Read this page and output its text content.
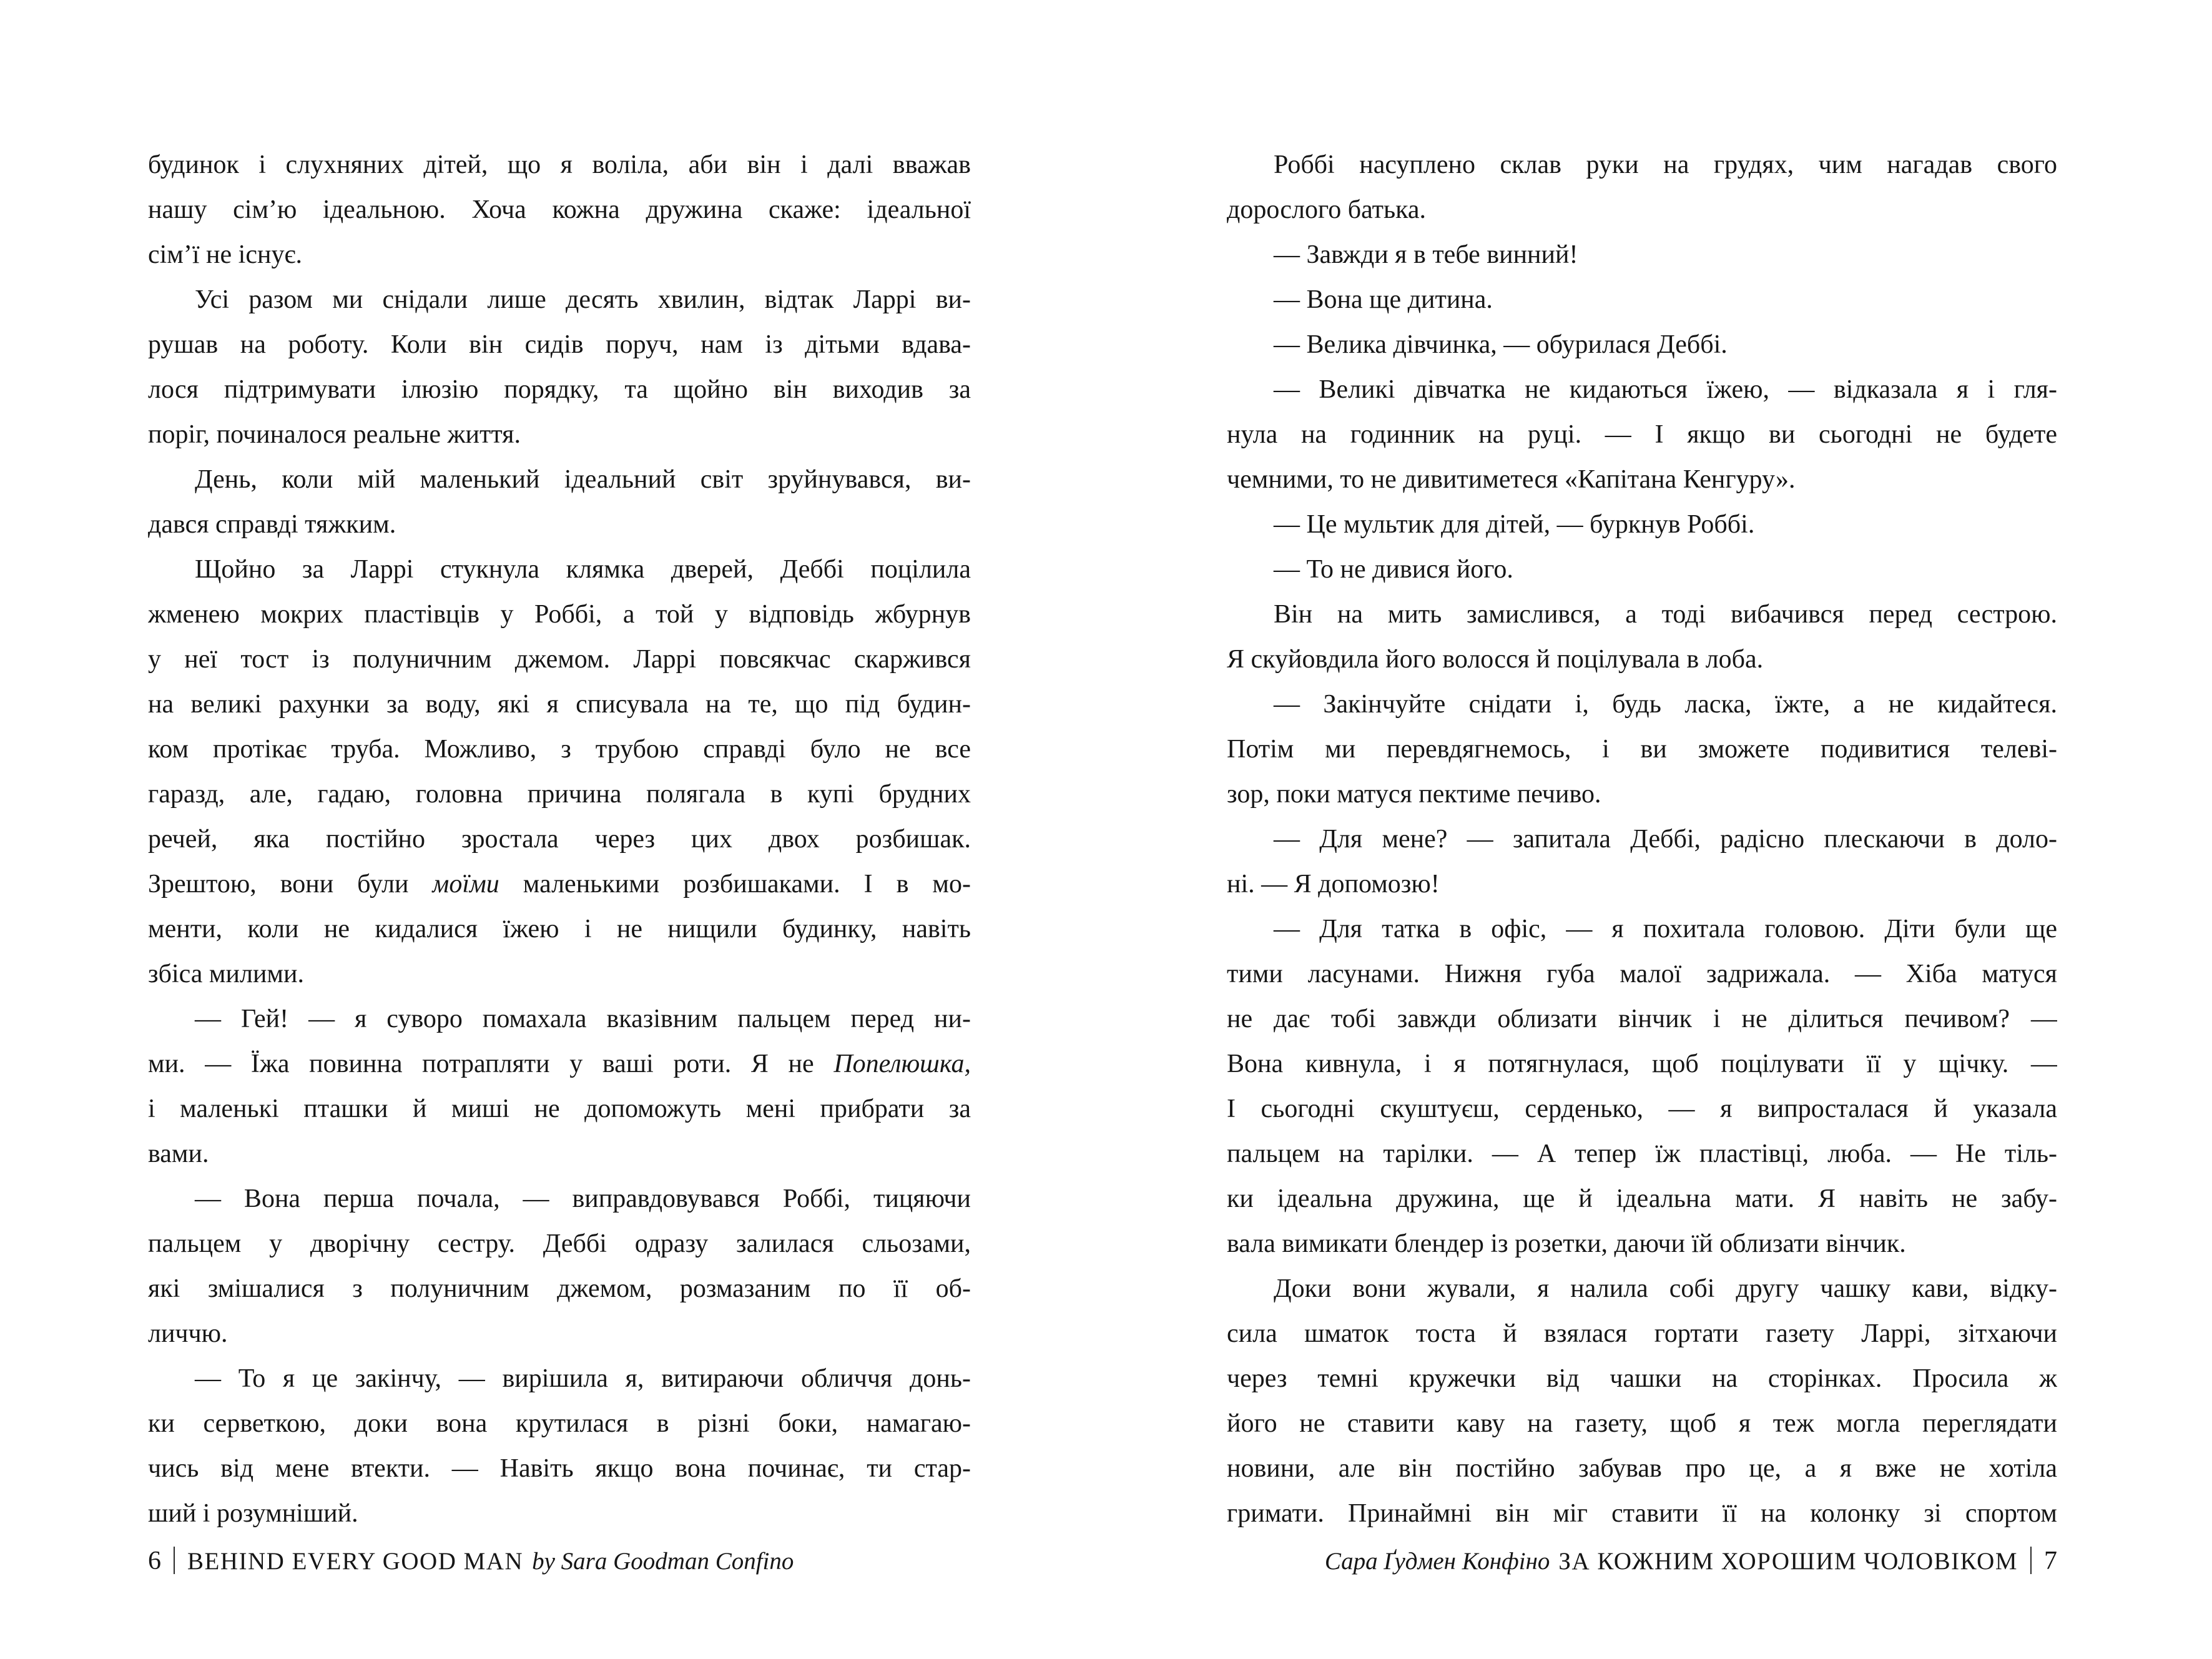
будинок і слухняних дітей, що я воліла, аби він і далі вважав
нашу сім’ю ідеальною. Хоча кожна дружина скаже: ідеальної
сім’ї не існує.
Усі разом ми снідали лише десять хвилин, відтак Ларрі ви-
рушав на роботу. Коли він сидів поруч, нам із дітьми вдава-
лося підтримувати ілюзію порядку, та щойно він виходив за
поріг, починалося реальне життя.
День, коли мій маленький ідеальний світ зруйнувався, ви-
дався справді тяжким.
Щойно за Ларрі стукнула клямка дверей, Деббі поцілила
жменею мокрих пластівців у Роббі, а той у відповідь жбурнув
у неї тост із полуничним джемом. Ларрі повсякчас скаржився
на великі рахунки за воду, які я списувала на те, що під будин-
ком протікає труба. Можливо, з трубою справді було не все
гаразд, але, гадаю, головна причина полягала в купі брудних
речей, яка постійно зростала через цих двох розбишак.
Зрештою, вони були моїми маленькими розбишаками. І в мо-
менти, коли не кидалися їжею і не нищили будинку, навіть
збіса милими.
— Гей! — я суворо помахала вказівним пальцем перед ни-
ми. — Їжа повинна потрапляти у ваші роти. Я не Попелюшка,
і маленькі пташки й миші не допоможуть мені прибрати за
вами.
— Вона перша почала, — виправдовувався Роббі, тицяючи
пальцем у дворічну сестру. Деббі одразу залилася сльозами,
які змішалися з полуничним джемом, розмазаним по її об-
личчю.
— То я це закінчу, — вирішила я, витираючи обличчя донь-
ки серветкою, доки вона крутилася в різні боки, намагаю-
чись від мене втекти. — Навіть якщо вона починає, ти стар-
ший і розумніший.
Роббі насуплено склав руки на грудях, чим нагадав свого
дорослого батька.
— Завжди я в тебе винний!
— Вона ще дитина.
— Велика дівчинка, — обурилася Деббі.
— Великі дівчатка не кидаються їжею, — відказала я і гля-
нула на годинник на руці. — І якщо ви сьогодні не будете
чемними, то не дивитиметеся «Капітана Кенгуру».
— Це мультик для дітей, — буркнув Роббі.
— То не дивися його.
Він на мить замислився, а тоді вибачився перед сестрою.
Я скуйовдила його волосся й поцілувала в лоба.
— Закінчуйте снідати і, будь ласка, їжте, а не кидайтеся.
Потім ми перевдягнемось, і ви зможете подивитися телеві-
зор, поки матуся пектиме печиво.
— Для мене? — запитала Деббі, радісно плескаючи в доло-
ні. — Я допомозю!
— Для татка в офіс, — я похитала головою. Діти були ще
тими ласунами. Нижня губа малої задрижала. — Хіба матуся
не дає тобі завжди облизати вінчик і не ділиться печивом? —
Вона кивнула, і я потягнулася, щоб поцілувати її у щічку. —
І сьогодні скуштуєш, серденько, — я випросталася й указала
пальцем на тарілки. — А тепер їж пластівці, люба. — Не тіль-
ки ідеальна дружина, ще й ідеальна мати. Я навіть не забу-
вала вимикати блендер із розетки, даючи їй облизати вінчик.
Доки вони жували, я налила собі другу чашку кави, відку-
сила шматок тоста й взялася гортати газету Ларрі, зітхаючи
через темні кружечки від чашки на сторінках. Просила ж
його не ставити каву на газету, щоб я теж могла переглядати
новини, але він постійно забував про це, а я вже не хотіла
гримати. Принаймні він міг ставити її на колонку зі спортом
6 BEHIND EVERY GOOD MAN by Sara Goodman Confino	Сара Ґудмен Конфіно ЗА КОЖНИМ ХОРОШИМ ЧОЛОВІКОМ 7
